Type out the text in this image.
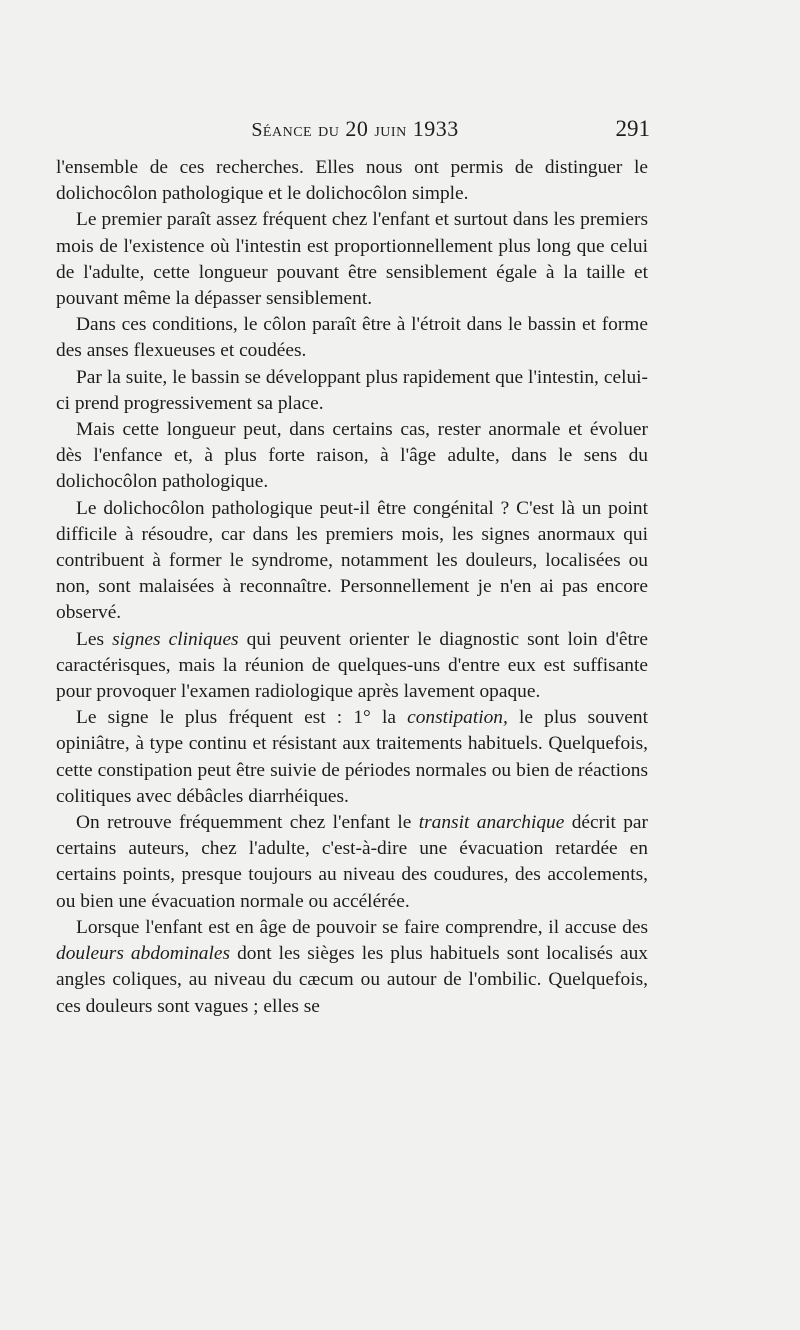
Séance du 20 juin 1933	291

l'ensemble de ces recherches. Elles nous ont permis de distinguer le dolichocôlon pathologique et le dolichocôlon simple.

Le premier paraît assez fréquent chez l'enfant et surtout dans les premiers mois de l'existence où l'intestin est proportionnellement plus long que celui de l'adulte, cette longueur pouvant être sensiblement égale à la taille et pouvant même la dépasser sensiblement.

Dans ces conditions, le côlon paraît être à l'étroit dans le bassin et forme des anses flexueuses et coudées.

Par la suite, le bassin se développant plus rapidement que l'intestin, celui-ci prend progressivement sa place.

Mais cette longueur peut, dans certains cas, rester anormale et évoluer dès l'enfance et, à plus forte raison, à l'âge adulte, dans le sens du dolichocôlon pathologique.

Le dolichocôlon pathologique peut-il être congénital ? C'est là un point difficile à résoudre, car dans les premiers mois, les signes anormaux qui contribuent à former le syndrome, notamment les douleurs, localisées ou non, sont malaisées à reconnaître. Personnellement je n'en ai pas encore observé.

Les signes cliniques qui peuvent orienter le diagnostic sont loin d'être caractérisques, mais la réunion de quelques-uns d'entre eux est suffisante pour provoquer l'examen radiologique après lavement opaque.

Le signe le plus fréquent est : 1° la constipation, le plus souvent opiniâtre, à type continu et résistant aux traitements habituels. Quelquefois, cette constipation peut être suivie de périodes normales ou bien de réactions colitiques avec débâcles diarrhéiques.

On retrouve fréquemment chez l'enfant le transit anarchique décrit par certains auteurs, chez l'adulte, c'est-à-dire une évacuation retardée en certains points, presque toujours au niveau des coudures, des accolements, ou bien une évacuation normale ou accélérée.

Lorsque l'enfant est en âge de pouvoir se faire comprendre, il accuse des douleurs abdominales dont les sièges les plus habituels sont localisés aux angles coliques, au niveau du cæcum ou autour de l'ombilic. Quelquefois, ces douleurs sont vagues ; elles se
